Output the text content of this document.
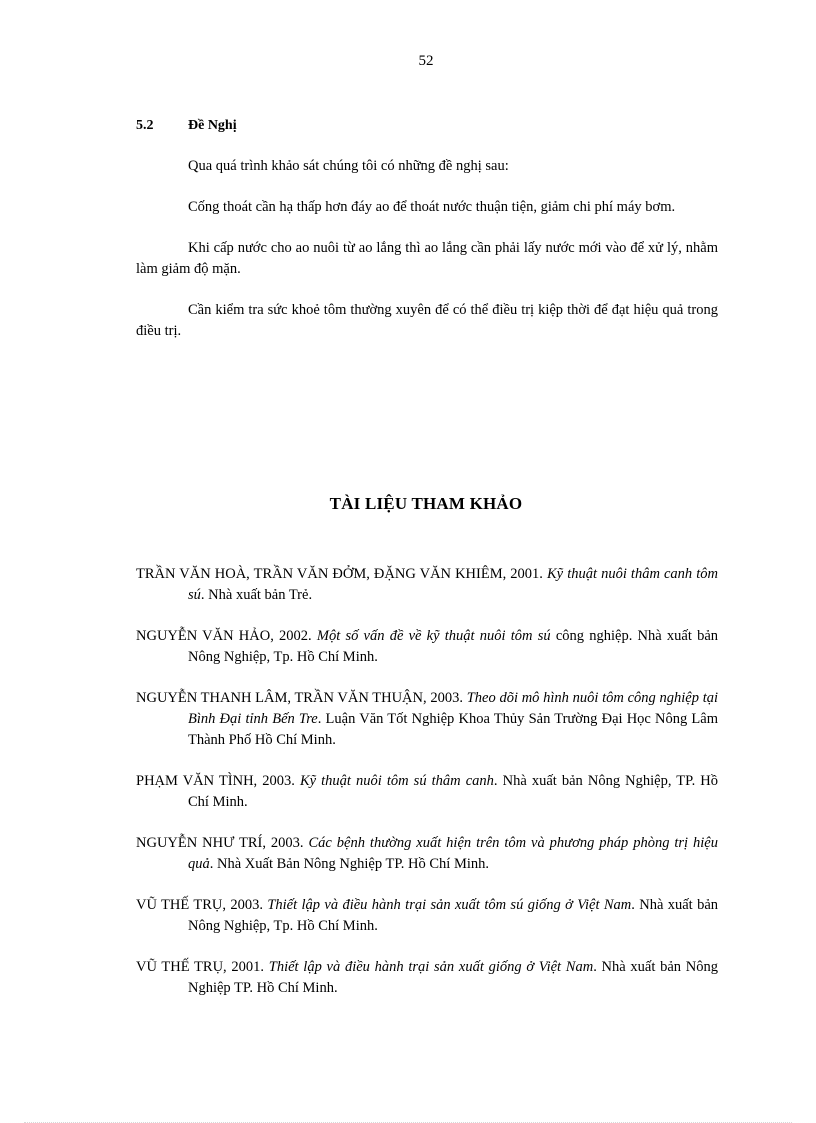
52
5.2 Đề Nghị

Qua quá trình khảo sát chúng tôi có những đề nghị sau:

Cống thoát cần hạ thấp hơn đáy ao để thoát nước thuận tiện, giảm chi phí máy bơm.

Khi cấp nước cho ao nuôi từ ao lắng thì ao lắng cần phải lấy nước mới vào để xử lý, nhằm làm giảm độ mặn.

Cần kiểm tra sức khoẻ tôm thường xuyên để có thể điều trị kiệp thời để đạt hiệu quả trong điều trị.

TÀI LIỆU THAM KHẢO

TRẦN VĂN HOÀ, TRẦN VĂN ĐỞM, ĐẶNG VĂN KHIÊM, 2001. Kỹ thuật nuôi thâm canh tôm sú. Nhà xuất bản Trẻ.

NGUYỄN VĂN HẢO, 2002. Một số vấn đề về kỹ thuật nuôi tôm sú công nghiệp. Nhà xuất bản Nông Nghiệp, Tp. Hồ Chí Minh.

NGUYỄN THANH LÂM, TRẦN VĂN THUẬN, 2003. Theo dõi mô hình nuôi tôm công nghiệp tại Bình Đại tỉnh Bến Tre. Luận Văn Tốt Nghiệp Khoa Thủy Sản Trường Đại Học Nông Lâm Thành Phố Hồ Chí Minh.

PHẠM VĂN TÌNH, 2003. Kỹ thuật nuôi tôm sú thâm canh. Nhà xuất bản Nông Nghiệp, TP. Hồ Chí Minh.

NGUYỄN NHƯ TRÍ, 2003. Các bệnh thường xuất hiện trên tôm và phương pháp phòng trị hiệu quả. Nhà Xuất Bản Nông Nghiệp TP. Hồ Chí Minh.

VŨ THẾ TRỤ, 2003. Thiết lập và điều hành trại sản xuất tôm sú giống ở Việt Nam. Nhà xuất bản Nông Nghiệp, Tp. Hồ Chí Minh.

VŨ THẾ TRỤ, 2001. Thiết lập và điều hành trại sản xuất giống ở Việt Nam. Nhà xuất bản Nông Nghiệp TP. Hồ Chí Minh.
